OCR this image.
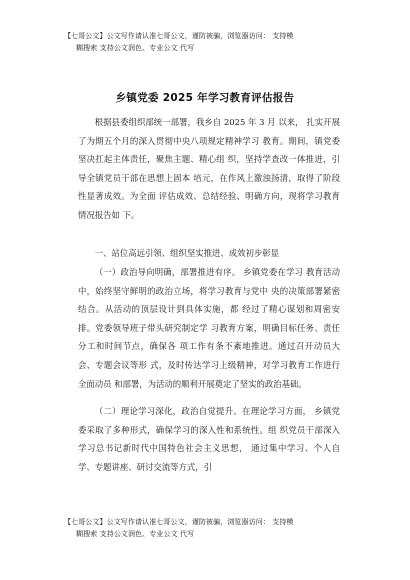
【七哥公文】公文写作请认准七哥公文，谨防被骗，浏览器访问： 支持模
糊搜索 支持公文润色、专业公文 代写
乡镇党委 2025 年学习教育评估报告

根据县委组织部统一部署，我乡自 2025 年 3 月 以来， 扎实开展了为期五个月的深入贯彻中央八项规定精神学习 教育。期间，镇党委坚决扛起主体责任，聚焦主题、精心组 织，坚持学查改一体推进，引导全镇党员干部在思想上固本 培元，在作风上激浊扬清，取得了阶段性显著成效。为全面 评估成效、总结经验、明确方向，现将学习教育情况报告如 下。

一、站位高远引领、组织坚实推进、成效初步彰显

（一）政治导向明确，部署推进有序。 乡镇党委在学习 教育活动中，始终坚守鲜明的政治立场，将学习教育与党中 央的决策部署紧密结合。从活动的顶层设计到具体实施，都 经过了精心谋划和周密安排。党委领导班子带头研究制定学 习教育方案，明确目标任务、责任分工和时间节点，确保各 项工作有条不紊地推进。通过召开动员大会、专题会议等形 式，及时传达学习上级精神，对学习教育工作进行全面动员 和部署，为活动的顺利开展奠定了坚实的政治基础。

（二）理论学习深化，政治自觉提升。在理论学习方面， 乡镇党委采取了多种形式，确保学习的深入性和系统性。组 织党员干部深入学习总书记新时代中国特色社会主义思想， 通过集中学习、个人自学、专题讲座、研讨交流等方式，引

【七哥公文】公文写作请认准七哥公文，谨防被骗，浏览器访问： 支持模
糊搜索 支持公文润色、专业公文 代写
